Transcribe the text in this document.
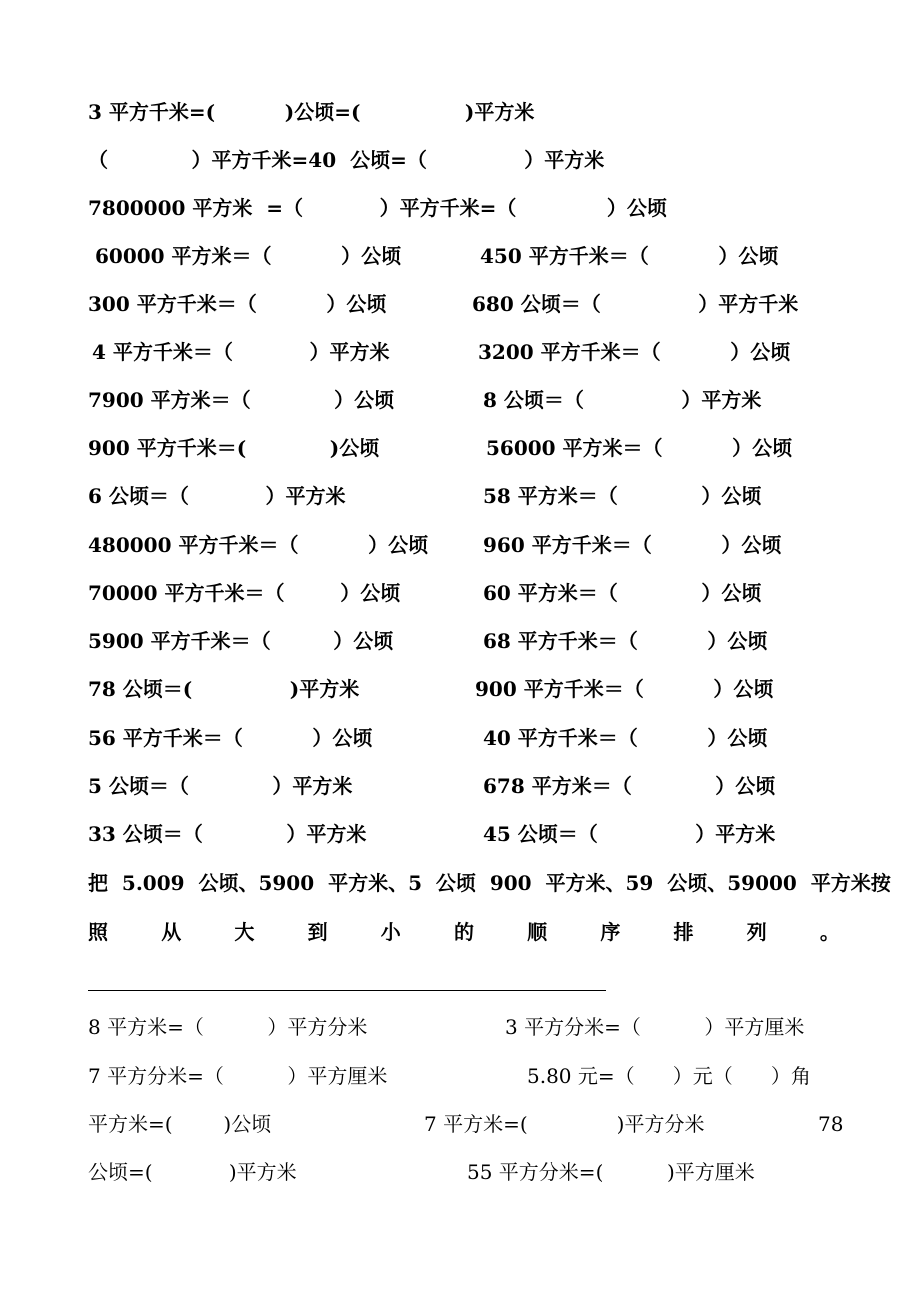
3 平方千米=(          )公顷=(               )平方米
（            ）平方千米=40  公顷=（              ）平方米
7800000 平方米  =（           ）平方千米=（             ）公顷
60000 平方米＝（          ）公顷	450 平方千米＝（          ）公顷
300 平方千米＝（          ）公顷	680 公顷＝（              ）平方千米
4 平方千米＝（           ）平方米	3200 平方千米＝（          ）公顷
7900 平方米＝（            ）公顷	8 公顷＝（              ）平方米
900 平方千米＝(            )公顷	56000 平方米＝（          ）公顷
6 公顷＝（           ）平方米	58 平方米＝（            ）公顷
480000 平方千米＝（          ）公顷	960 平方千米＝（          ）公顷
70000 平方千米＝（        ）公顷	60 平方米＝（            ）公顷
5900 平方千米＝（         ）公顷	68 平方千米＝（          ）公顷
78 公顷＝(              )平方米	900 平方千米＝（          ）公顷
56 平方千米＝（          ）公顷	40 平方千米＝（          ）公顷
5 公顷＝（            ）平方米	678 平方米＝（            ）公顷
33 公顷＝（            ）平方米	45 公顷＝（              ）平方米
把  5.009  公顷、5900  平方米、5  公顷  900  平方米、59  公顷、59000  平方米按
照	从	大	到	小	的	顺	序	排	列	。
8 平方米=（          ）平方分米	3 平方分米=（          ）平方厘米
7 平方分米=（          ）平方厘米	5.80 元=（      ）元（      ）角
平方米=(        )公顷	7 平方米=(              )平方分米	78
公顷=(            )平方米	55 平方分米=(          )平方厘米
